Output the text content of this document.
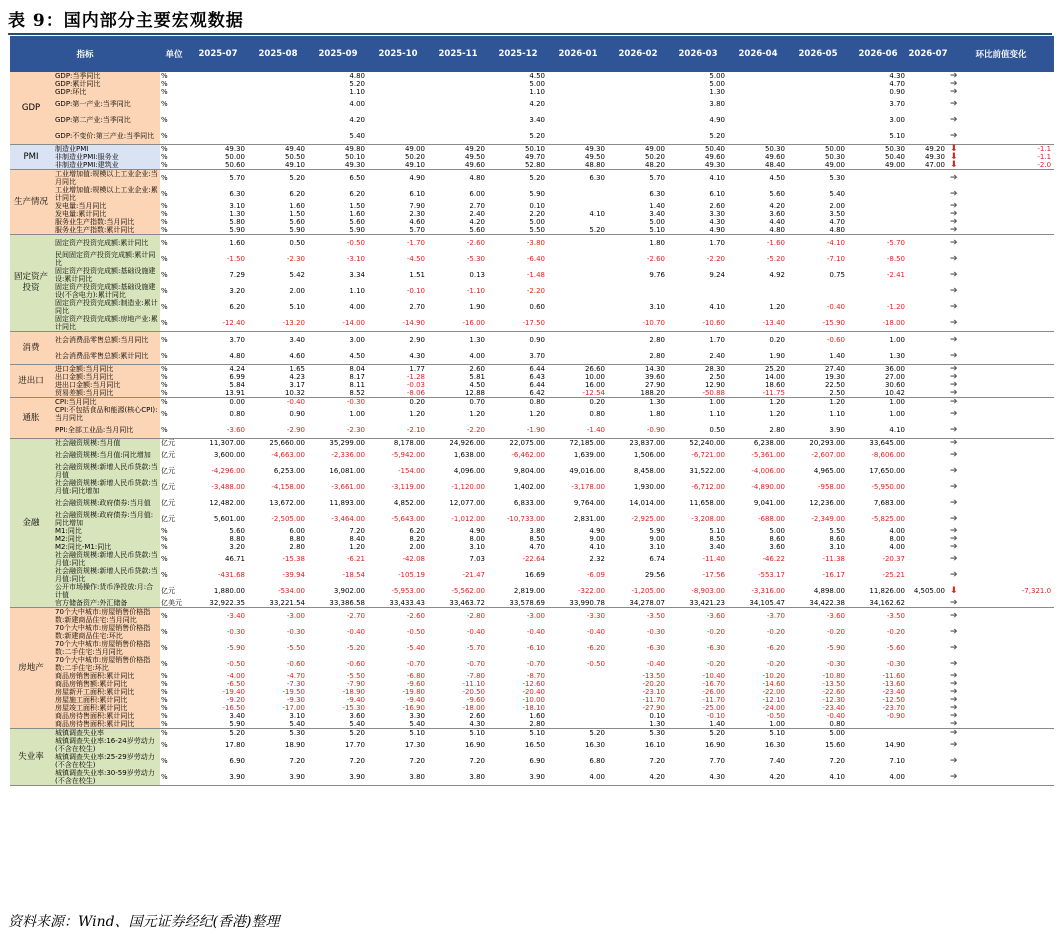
表 9：国内部分主要宏观数据
指标		单位	2025-07	2025-08	2025-09	2025-10	2025-11	2025-12	2026-01	2026-02	2026-03	2026-04	2026-05	2026-06	2026-07	环比前值变化		折线图
GDP	GDP:当季同比	%			4.80			4.50			5.00			4.30		➔		

	GDP:累计同比	%			5.20			5.00			5.00			4.70		➔		

	GDP:环比	%			1.10			1.10			1.30			0.90		➔		

	GDP:第一产业:当季同比	%			4.00			4.20			3.80			3.70		➔		

	GDP:第二产业:当季同比	%			4.20			3.40			4.90			3.00		➔		

	GDP:不变价:第三产业:当季同比	%			5.40			5.20			5.20			5.10		➔		

PMI	制造业PMI	%	49.30	49.40	49.80	49.00	49.20	50.10	49.30	49.00	50.40	50.30	50.00	50.30	49.20	⬇	-1.1	

	非制造业PMI:服务业	%	50.00	50.50	50.10	50.20	49.50	49.70	49.50	50.20	49.60	49.60	50.30	50.40	49.30	⬇	-1.1	

	非制造业PMI:建筑业	%	50.60	49.10	49.30	49.10	49.60	52.80	48.80	48.20	49.30	48.40	49.00	49.00	47.00	⬇	-2.0	

生产情况	工业增加值:规模以上工业企业:当月同比	%	5.70	5.20	6.50	4.90	4.80	5.20	6.30	5.70	4.10	4.50	5.30			➔		

	工业增加值:规模以上工业企业:累计同比	%	6.30	6.20	6.20	6.10	6.00	5.90		6.30	6.10	5.60	5.40			➔		

	发电量:当月同比	%	3.10	1.60	1.50	7.90	2.70	0.10		1.40	2.60	4.20	2.00			➔		

	发电量:累计同比	%	1.30	1.50	1.60	2.30	2.40	2.20	4.10	3.40	3.30	3.60	3.50			➔		

	服务业生产指数:当月同比	%	5.80	5.60	5.60	4.60	4.20	5.00		5.00	4.30	4.40	4.70			➔		

	服务业生产指数:累计同比	%	5.90	5.90	5.90	5.70	5.60	5.50	5.20	5.10	4.90	4.80	4.80			➔		

固定资产投资	固定资产投资完成额:累计同比	%	1.60	0.50	-0.50	-1.70	-2.60	-3.80		1.80	1.70	-1.60	-4.10	-5.70		➔		

	民间固定资产投资完成额:累计同比	%	-1.50	-2.30	-3.10	-4.50	-5.30	-6.40		-2.60	-2.20	-5.20	-7.10	-8.50		➔		

	固定资产投资完成额:基础设施建设:累计同比	%	7.29	5.42	3.34	1.51	0.13	-1.48		9.76	9.24	4.92	0.75	-2.41		➔		

	固定资产投资完成额:基础设施建设(不含电力):累计同比	%	3.20	2.00	1.10	-0.10	-1.10	-2.20								➔		

	固定资产投资完成额:制造业:累计同比	%	6.20	5.10	4.00	2.70	1.90	0.60		3.10	4.10	1.20	-0.40	-1.20		➔		

	固定资产投资完成额:房地产业:累计同比	%	-12.40	-13.20	-14.00	-14.90	-16.00	-17.50		-10.70	-10.60	-13.40	-15.90	-18.00		➔		

消费	社会消费品零售总额:当月同比	%	3.70	3.40	3.00	2.90	1.30	0.90		2.80	1.70	0.20	-0.60	1.00		➔		

	社会消费品零售总额:累计同比	%	4.80	4.60	4.50	4.30	4.00	3.70		2.80	2.40	1.90	1.40	1.30		➔		

进出口	进口金额:当月同比	%	4.24	1.65	8.04	1.77	2.60	6.44	26.60	14.30	28.30	25.20	27.40	36.00		➔		

	出口金额:当月同比	%	6.99	4.23	8.17	-1.28	5.81	6.43	10.00	39.60	2.50	14.00	19.30	27.00		➔		

	进出口金额:当月同比	%	5.84	3.17	8.11	-0.03	4.50	6.44	16.00	27.90	12.90	18.60	22.50	30.60		➔		

	贸易差额:当月同比	%	13.91	10.32	8.52	-8.06	12.88	6.42	-12.54	188.20	-50.88	-11.75	2.50	10.42		➔		

通胀	CPI:当月同比	%	0.00	-0.40	-0.30	0.20	0.70	0.80	0.20	1.30	1.00	1.20	1.20	1.00		➔		

	CPI:不包括食品和能源(核心CPI):当月同比	%	0.80	0.90	1.00	1.20	1.20	1.20	0.80	1.80	1.10	1.20	1.10	1.00		➔		

	PPI:全部工业品:当月同比	%	-3.60	-2.90	-2.30	-2.10	-2.20	-1.90	-1.40	-0.90	0.50	2.80	3.90	4.10		➔		

金融	社会融资规模:当月值	亿元	11,307.00	25,660.00	35,299.00	8,178.00	24,926.00	22,075.00	72,185.00	23,837.00	52,240.00	6,238.00	20,293.00	33,645.00		➔		

	社会融资规模:当月值:同比增加	亿元	3,600.00	-4,663.00	-2,336.00	-5,942.00	1,638.00	-6,462.00	1,639.00	1,506.00	-6,721.00	-5,361.00	-2,607.00	-8,606.00		➔		

	社会融资规模:新增人民币贷款:当月值	亿元	-4,296.00	6,253.00	16,081.00	-154.00	4,096.00	9,804.00	49,016.00	8,458.00	31,522.00	-4,006.00	4,965.00	17,650.00		➔		

	社会融资规模:新增人民币贷款:当月值:同比增加	亿元	-3,488.00	-4,158.00	-3,661.00	-3,119.00	-1,120.00	1,402.00	-3,178.00	1,930.00	-6,712.00	-4,890.00	-958.00	-5,950.00		➔		

	社会融资规模:政府债券:当月值	亿元	12,482.00	13,672.00	11,893.00	4,852.00	12,077.00	6,833.00	9,764.00	14,014.00	11,658.00	9,041.00	12,236.00	7,683.00		➔		

	社会融资规模:政府债券:当月值:同比增加	亿元	5,601.00	-2,505.00	-3,464.00	-5,643.00	-1,012.00	-10,733.00	2,831.00	-2,925.00	-3,208.00	-688.00	-2,349.00	-5,825.00		➔		

	M1:同比	%	5.60	6.00	7.20	6.20	4.90	3.80	4.90	5.90	5.10	5.00	5.50	4.00		➔		

	M2:同比	%	8.80	8.80	8.40	8.20	8.00	8.50	9.00	9.00	8.50	8.60	8.60	8.00		➔		

	M2:同比-M1:同比	%	3.20	2.80	1.20	2.00	3.10	4.70	4.10	3.10	3.40	3.60	3.10	4.00		➔		

	社会融资规模:新增人民币贷款:当月值:同比	%	46.71	-15.38	-6.21	-42.08	7.03	-22.64	2.32	6.74	-11.40	-46.22	-11.38	-20.37		➔		

	社会融资规模:新增人民币贷款:当月值:同比	%	-431.68	-39.94	-18.54	-105.19	-21.47	16.69	-6.09	29.56	-17.56	-553.17	-16.17	-25.21		➔		

	公开市场操作:货币净投放:月:合计值	亿元	1,880.00	-534.00	3,902.00	-5,953.00	-5,562.00	2,819.00	-322.00	-1,205.00	-8,903.00	-3,316.00	4,898.00	11,826.00	4,505.00	⬇	-7,321.0	

	官方储备资产:外汇储备	亿美元	32,922.35	33,221.54	33,386.58	33,433.43	33,463.72	33,578.69	33,990.78	34,278.07	33,421.23	34,105.47	34,422.38	34,162.62		➔		

房地产	70个大中城市:房屋销售价格指数:新建商品住宅:当月同比	%	-3.40	-3.00	-2.70	-2.60	-2.80	-3.00	-3.30	-3.50	-3.60	-3.70	-3.60	-3.50		➔		

	70个大中城市:房屋销售价格指数:新建商品住宅:环比	%	-0.30	-0.30	-0.40	-0.50	-0.40	-0.40	-0.40	-0.30	-0.20	-0.20	-0.20	-0.20		➔		

	70个大中城市:房屋销售价格指数:二手住宅:当月同比	%	-5.90	-5.50	-5.20	-5.40	-5.70	-6.10	-6.20	-6.30	-6.30	-6.20	-5.90	-5.60		➔		

	70个大中城市:房屋销售价格指数:二手住宅:环比	%	-0.50	-0.60	-0.60	-0.70	-0.70	-0.70	-0.50	-0.40	-0.20	-0.20	-0.30	-0.30		➔		

	商品房销售面积:累计同比	%	-4.00	-4.70	-5.50	-6.80	-7.80	-8.70		-13.50	-10.40	-10.20	-10.80	-11.60		➔		

	商品房销售额:累计同比	%	-6.50	-7.30	-7.90	-9.60	-11.10	-12.60		-20.20	-16.70	-14.60	-13.50	-13.60		➔		

	房屋新开工面积:累计同比	%	-19.40	-19.50	-18.90	-19.80	-20.50	-20.40		-23.10	-26.00	-22.00	-22.60	-23.40		➔		

	房屋施工面积:累计同比	%	-9.20	-9.30	-9.40	-9.40	-9.60	-10.00		-11.70	-11.70	-12.10	-12.30	-12.50		➔		

	房屋竣工面积:累计同比	%	-16.50	-17.00	-15.30	-16.90	-18.00	-18.10		-27.90	-25.00	-24.00	-23.40	-23.70		➔		

	商品房待售面积:累计同比	%	3.40	3.10	3.60	3.30	2.60	1.60		0.10	-0.10	-0.50	-0.40	-0.90		➔		

	商品房待售面积:累计同比	%	5.90	5.40	5.40	5.40	4.30	2.80		1.30	1.40	1.00	0.80			➔		

失业率	城镇调查失业率	%	5.20	5.30	5.20	5.10	5.10	5.10	5.20	5.30	5.20	5.10	5.00			➔		

	城镇调查失业率:16-24岁劳动力(不含在校生)	%	17.80	18.90	17.70	17.30	16.90	16.50	16.30	16.10	16.90	16.30	15.60	14.90		➔		

	城镇调查失业率:25-29岁劳动力(不含在校生)	%	6.90	7.20	7.20	7.20	7.20	6.90	6.80	7.20	7.70	7.40	7.20	7.10		➔		

	城镇调查失业率:30-59岁劳动力(不含在校生)	%	3.90	3.90	3.90	3.80	3.80	3.90	4.00	4.20	4.30	4.20	4.10	4.00		➔		
资料来源：Wind、国元证券经纪(香港)整理
